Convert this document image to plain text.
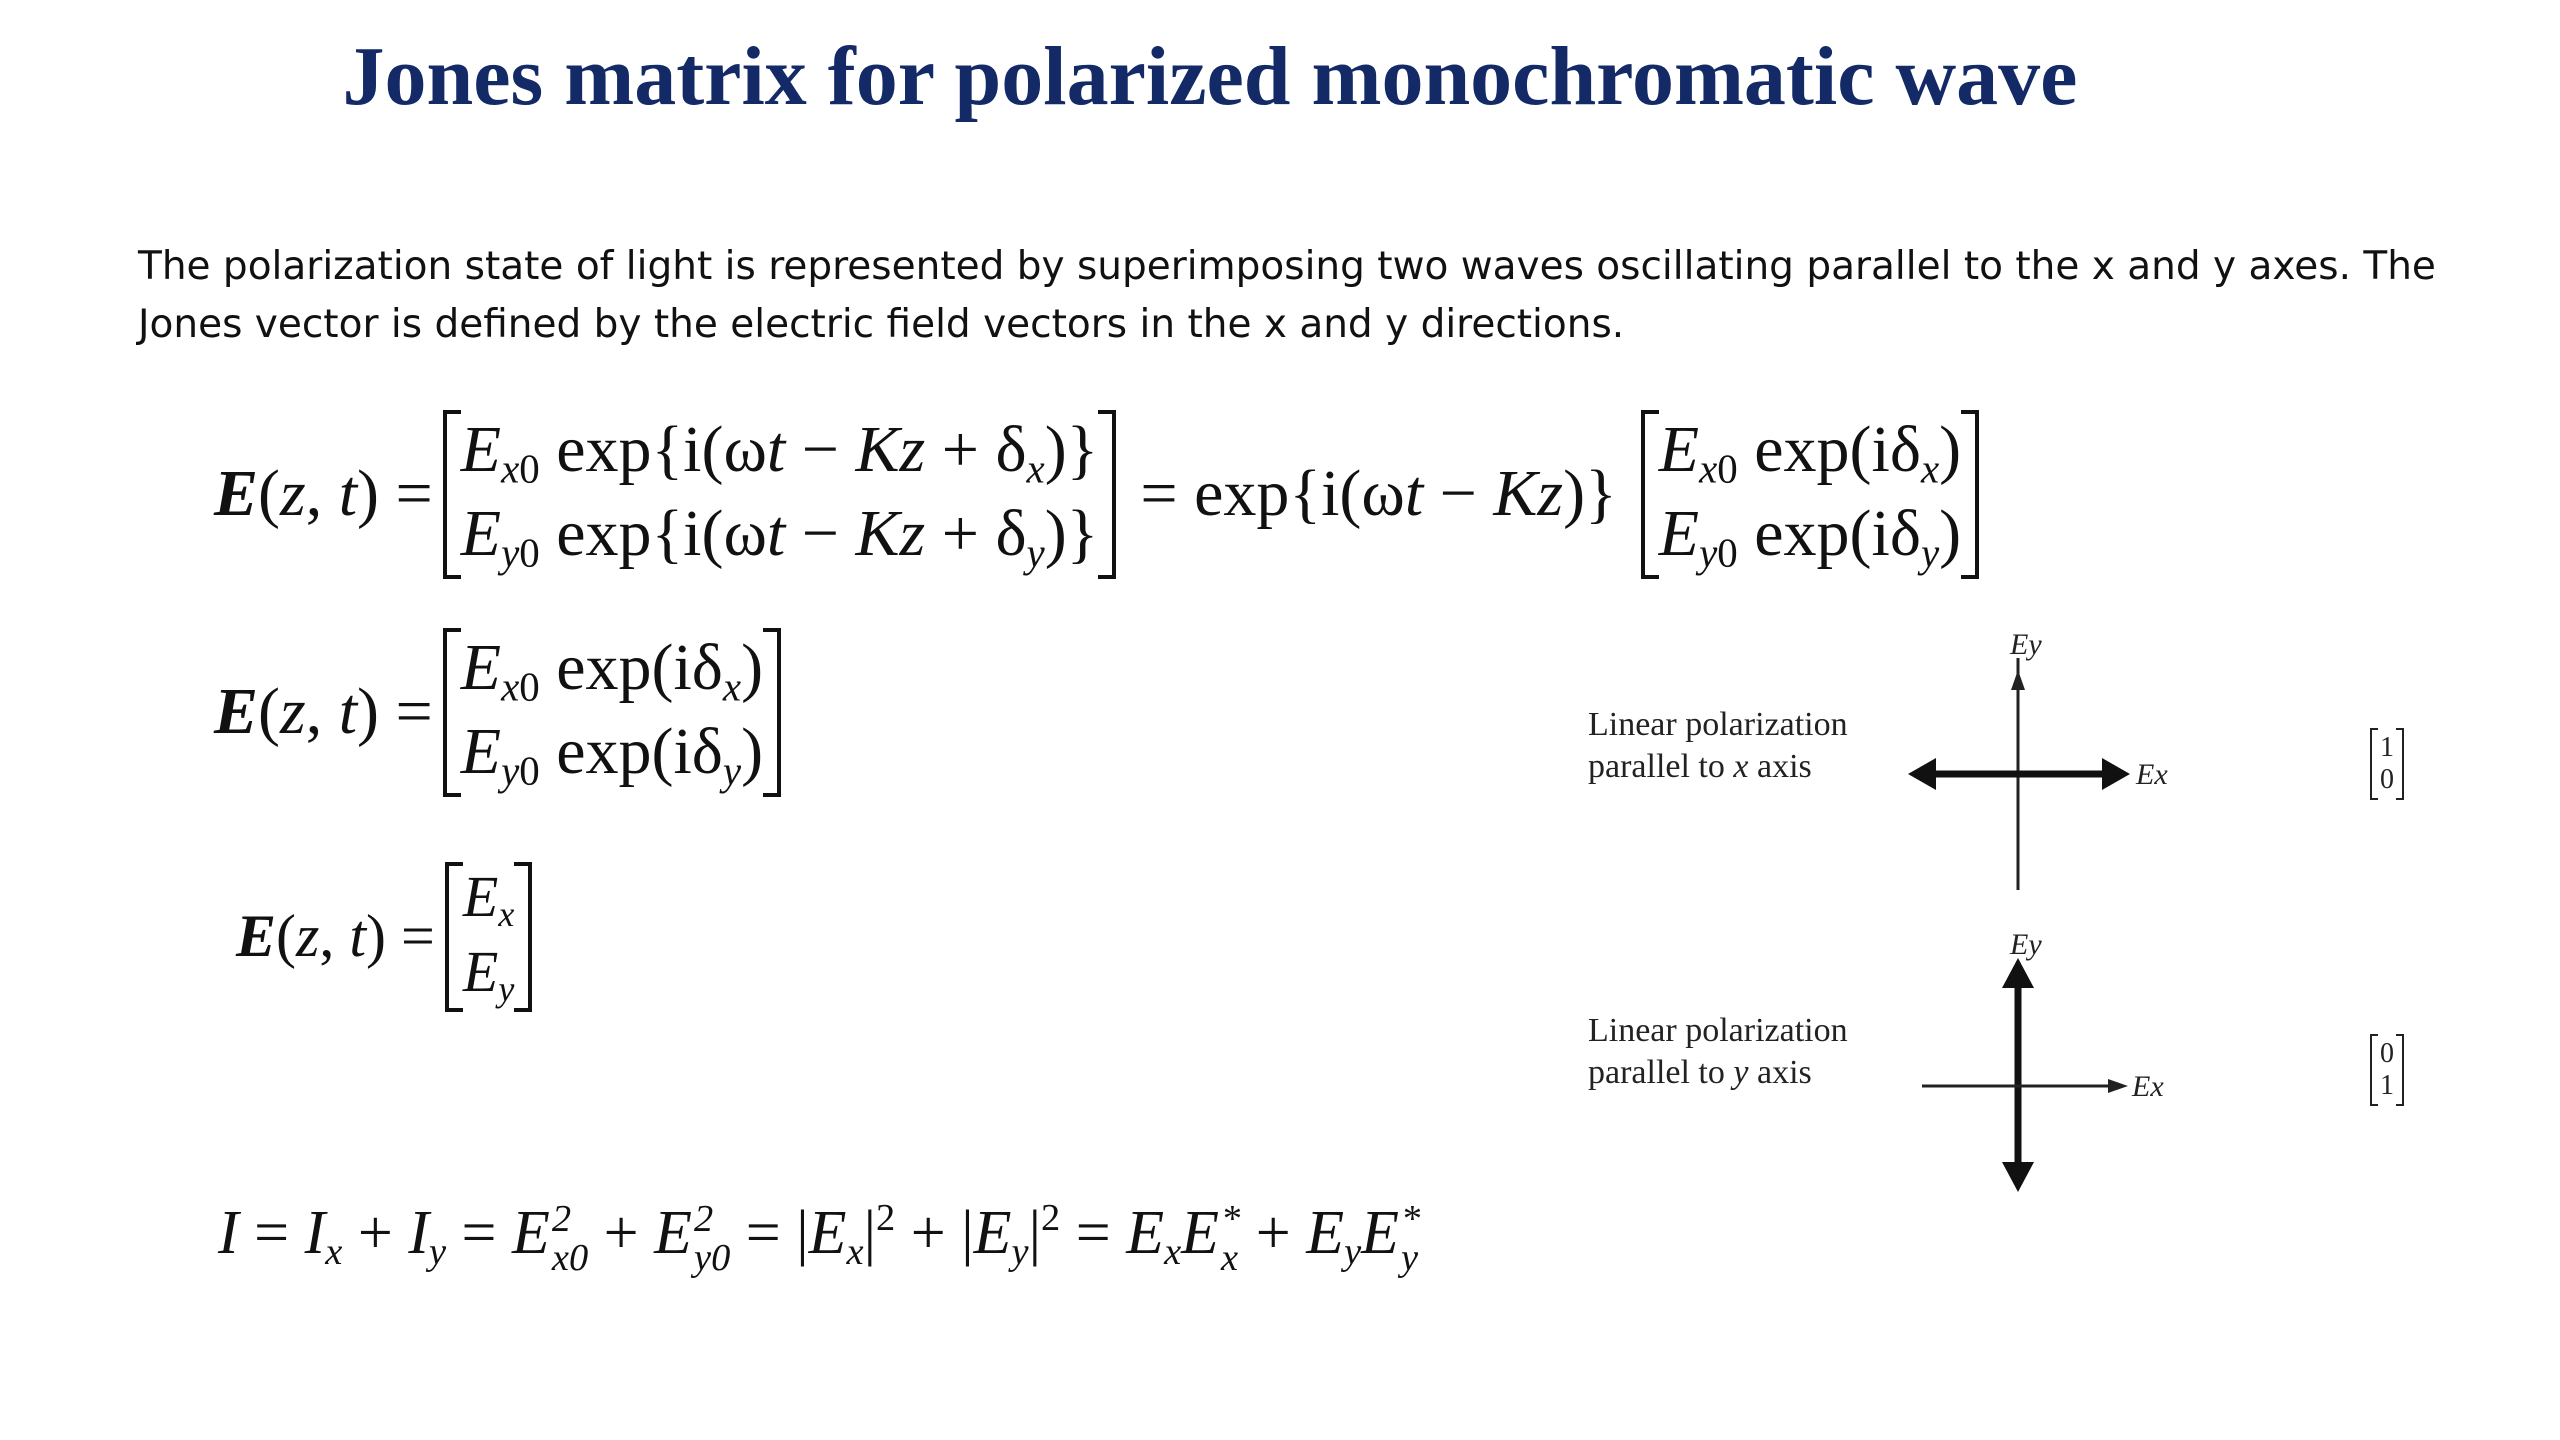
Jones matrix for polarized monochromatic wave
The polarization state of light is represented by superimposing two waves oscillating parallel to the x and y axes. The Jones vector is defined by the electric field vectors in the x and y directions.
E(z, t) =
$E_{x0}$ $\exp\{i(\omega t - Kz + \delta_x)\}$
$E_{y0}$ $\exp\{i(\omega t - Kz + \delta_y)\}$
= exp{i(ωt − Kz)}
$E_{x0}$ $\exp(i\delta_x)$
$E_{y0}$ $\exp(i\delta_y)$
E(z, t) =
$E_{x0}$ $\exp(i\delta_x)$
$E_{y0}$ $\exp(i\delta_y)$
E(z, t) =
$E_x$
$E_y$
$I = I_x + I_y = E$ 2
x0 + E 2
$y0 = |E_x|^2 + |E_y|^2 = E_xE$ *
$x + E_yE$ *
y
Linear polarization
parallel to x axis
Ey
Ex
1
0
Linear polarization
parallel to y axis
Ey
Ex
0
1
